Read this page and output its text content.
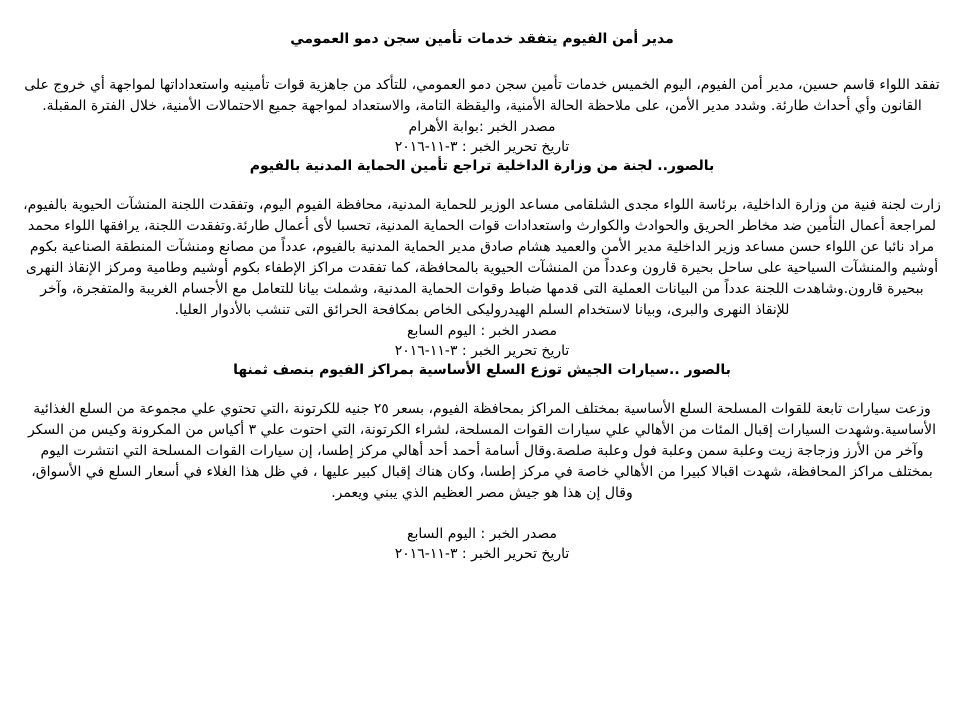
مدير أمن الفيوم يتفقد خدمات تأمين سجن دمو العمومي

تفقد اللواء قاسم حسين، مدير أمن الفيوم، اليوم الخميس خدمات تأمين سجن دمو العمومي، للتأكد من جاهزية قوات تأمينيه واستعداداتها لمواجهة أي خروج على القانون وأي أحداث طارئة. وشدد مدير الأمن، على ملاحظة الحالة الأمنية، واليقظة التامة، والاستعداد لمواجهة جميع الاحتمالات الأمنية، خلال الفترة المقبلة.

مصدر الخبر :بوابة الأهرام

تاريخ تحرير الخبر : ٣-١١-٢٠١٦

بالصور.. لجنة من وزارة الداخلية تراجع تأمين الحماية المدنية بالفيوم

زارت لجنة فنية من وزارة الداخلية، برئاسة اللواء مجدى الشلقامى مساعد الوزير للحماية المدنية، محافظة الفيوم اليوم، وتفقدت اللجنة المنشآت الحيوية بالفيوم، لمراجعة أعمال التأمين ضد مخاطر الحريق والحوادث والكوارث واستعدادات قوات الحماية المدنية، تحسبا لأى أعمال طارئة.وتفقدت اللجنة، يرافقها اللواء محمد مراد نائبا عن اللواء حسن مساعد وزير الداخلية مدير الأمن والعميد هشام صادق مدير الحماية المدنية بالفيوم، عدداً من مصانع ومنشآت المنطقة الصناعية بكوم أوشيم والمنشآت السياحية على ساحل بحيرة قارون وعدداً من المنشآت الحيوية بالمحافظة، كما تفقدت مراكز الإطفاء بكوم أوشيم وطامية ومركز الإنقاذ النهرى ببحيرة قارون.وشاهدت اللجنة عدداً من البيانات العملية التى قدمها ضباط وقوات الحماية المدنية، وشملت بيانا للتعامل مع الأجسام الغريبة والمتفجرة، وآخر للإنقاذ النهرى والبرى، وبيانا لاستخدام السلم الهيدروليكى الخاص بمكافحة الحرائق التى تنشب بالأدوار العليا.

مصدر الخبر : اليوم السابع

تاريخ تحرير الخبر : ٣-١١-٢٠١٦

بالصور ..سيارات الجيش توزع السلع الأساسية بمراكز الفيوم بنصف ثمنها

وزعت سيارات تابعة للقوات المسلحة السلع الأساسية بمختلف المراكز بمحافظة الفيوم، بسعر ٢٥ جنيه للكرتونة ،التي تحتوي علي مجموعة من السلع الغذائية الأساسية.وشهدت السيارات إقبال المئات من الأهالي علي سيارات القوات المسلحة، لشراء الكرتونة، التي احتوت علي ٣ أكياس من المكرونة وكيس من السكر وآخر من الأرز وزجاجة زيت وعلبة سمن وعلبة فول وعلبة صلصة.وقال أسامة أحمد أحد أهالي مركز إطسا، إن سيارات القوات المسلحة التي انتشرت اليوم بمختلف مراكز المحافظة، شهدت اقبالا كبيرا من الأهالي خاصة في مركز إطسا، وكان هناك إقبال كبير عليها ، في ظل هذا الغلاء في أسعار السلع في الأسواق، وقال إن هذا هو جيش مصر العظيم الذي يبني ويعمر.

مصدر الخبر : اليوم السابع

تاريخ تحرير الخبر : ٣-١١-٢٠١٦
